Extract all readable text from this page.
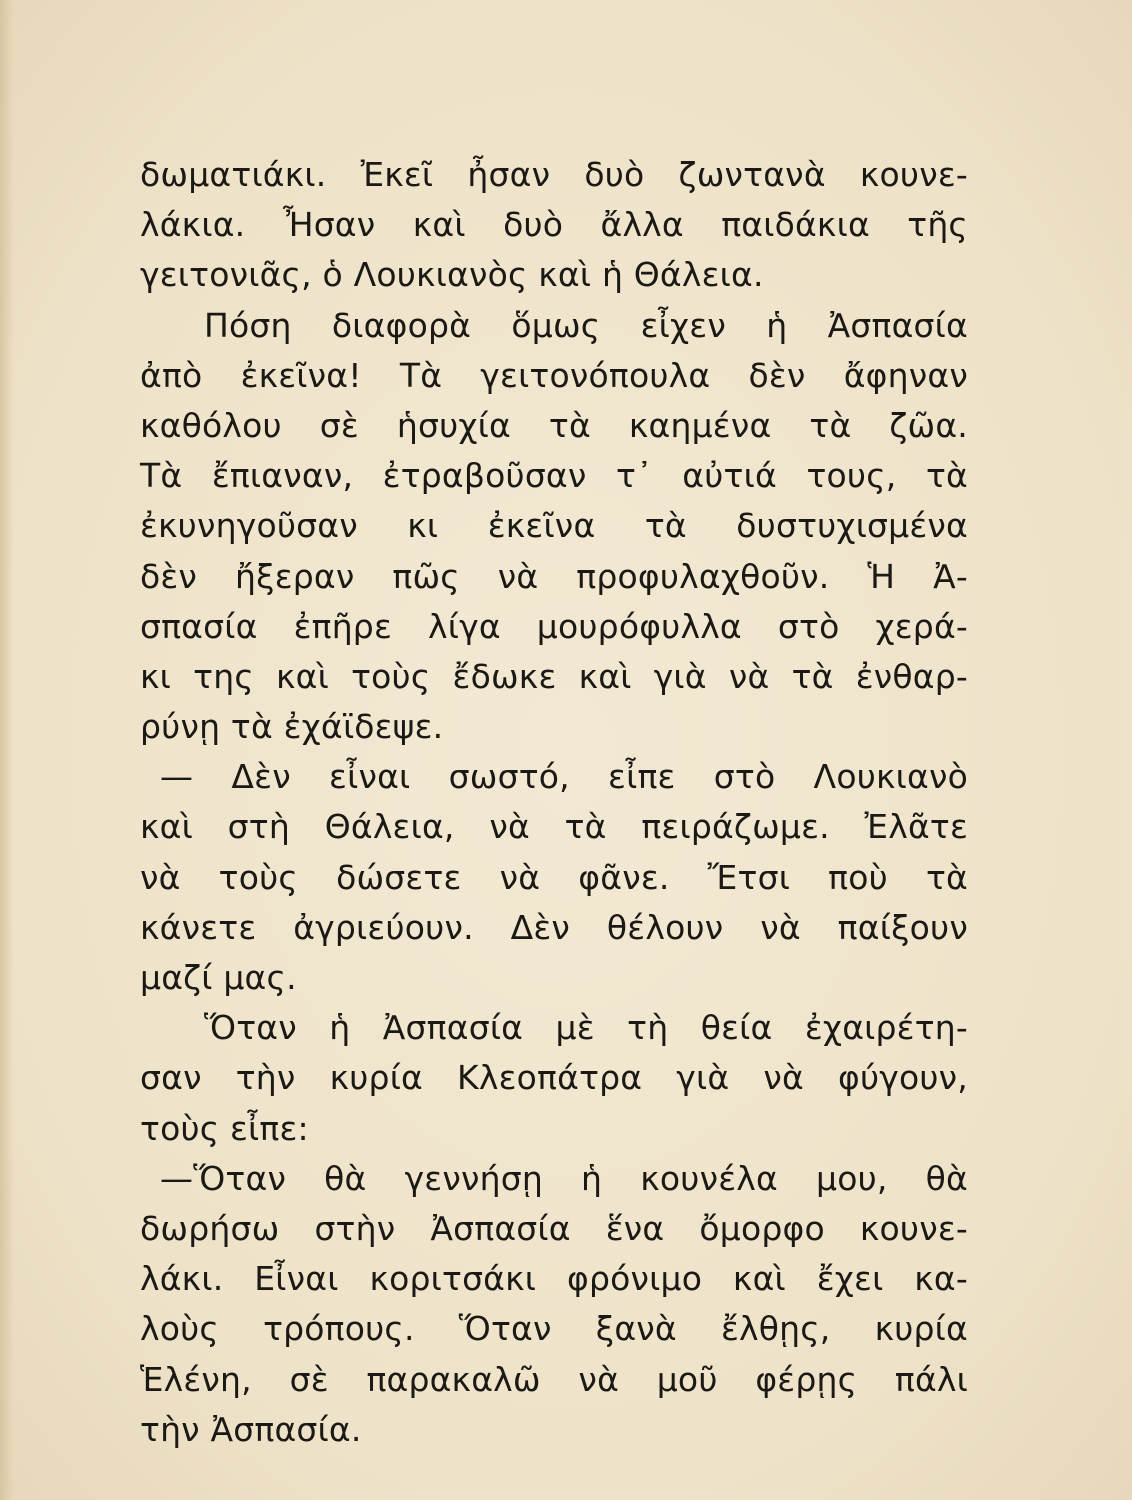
δωματιάκι. Ἐκεῖ ἦσαν δυὸ ζωντανὰ κουνε-
λάκια. Ἦσαν καὶ δυὸ ἄλλα παιδάκια τῆς
γειτονιᾶς, ὁ Λουκιανὸς καὶ ἡ Θάλεια.
Πόση διαφορὰ ὅμως εἶχεν ἡ Ἀσπασία
ἀπὸ ἐκεῖνα! Τὰ γειτονόπουλα δὲν ἄφηναν
καθόλου σὲ ἡσυχία τὰ καημένα τὰ ζῶα.
Τὰ ἔπιαναν, ἐτραβοῦσαν τ᾽ αὐτιά τους, τὰ
ἐκυνηγοῦσαν κι ἐκεῖνα τὰ δυστυχισμένα
δὲν ἤξεραν πῶς νὰ προφυλαχθοῦν. Ἡ Ἀ-
σπασία ἐπῆρε λίγα μουρόφυλλα στὸ χερά-
κι της καὶ τοὺς ἔδωκε καὶ γιὰ νὰ τὰ ἐνθαρ-
ρύνῃ τὰ ἐχάϊδεψε.
— Δὲν εἶναι σωστό, εἶπε στὸ Λουκιανὸ
καὶ στὴ Θάλεια, νὰ τὰ πειράζωμε. Ἐλᾶτε
νὰ τοὺς δώσετε νὰ φᾶνε. Ἔτσι ποὺ τὰ
κάνετε ἀγριεύουν. Δὲν θέλουν νὰ παίξουν
μαζί μας.
Ὅταν ἡ Ἀσπασία μὲ τὴ θεία ἐχαιρέτη-
σαν τὴν κυρία Κλεοπάτρα γιὰ νὰ φύγουν,
τοὺς εἶπε:
—Ὅταν θὰ γεννήσῃ ἡ κουνέλα μου, θὰ
δωρήσω στὴν Ἀσπασία ἕνα ὄμορφο κουνε-
λάκι. Εἶναι κοριτσάκι φρόνιμο καὶ ἔχει κα-
λοὺς τρόπους. Ὅταν ξανὰ ἔλθῃς, κυρία
Ἑλένη, σὲ παρακαλῶ νὰ μοῦ φέρῃς πάλι
τὴν Ἀσπασία.
